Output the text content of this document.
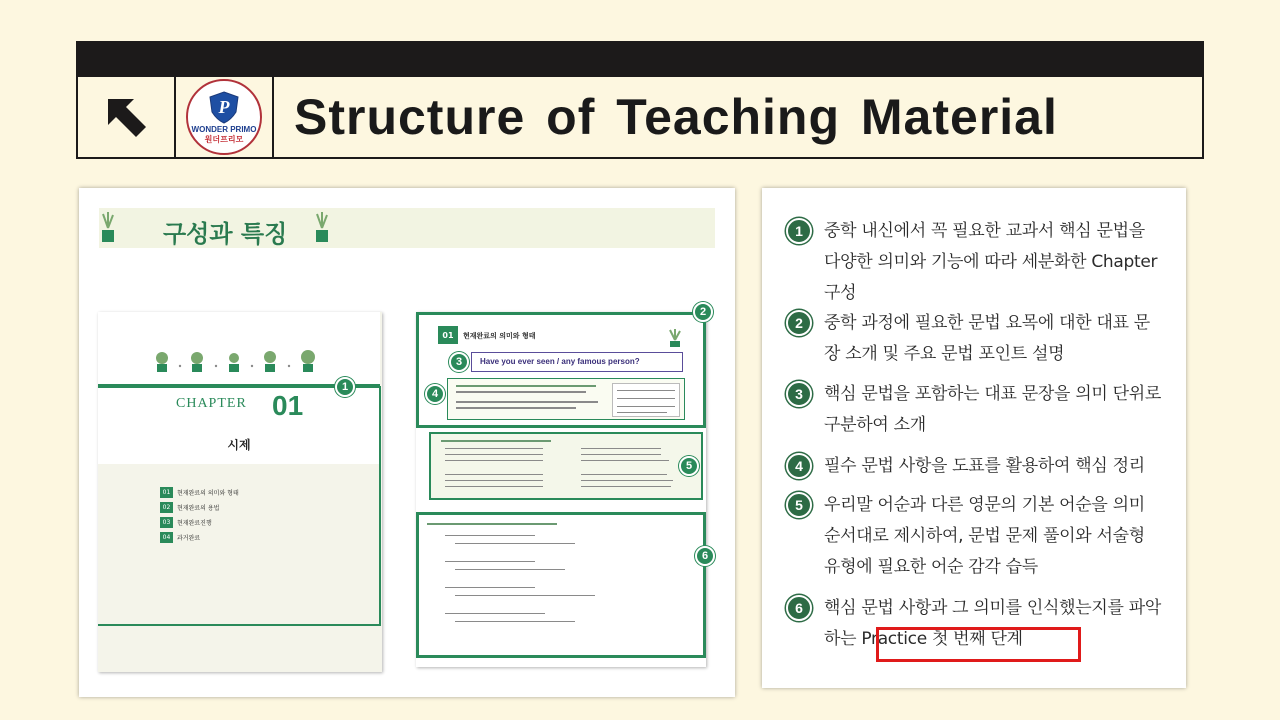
P
WONDER PRIMO
원더프리모 Structure of Teaching Material
구성과 특징
CHAPTER 01
시제
01	현재완료의 의미와 형태
02	현재완료의 용법
03	현재완료진행
04	과거완료
1
01	현재완료의 의미와 형태
2
Have you ever seen / any famous person?
3
4
5
6
1	중학 내신에서 꼭 필요한 교과서 핵심 문법을 다양한 의미와 기능에 따라 세분화한 Chapter 구성
2	중학 과정에 필요한 문법 요목에 대한 대표 문장 소개 및 주요 문법 포인트 설명
3	핵심 문법을 포함하는 대표 문장을 의미 단위로 구분하여 소개
4	필수 문법 사항을 도표를 활용하여 핵심 정리
5	우리말 어순과 다른 영문의 기본 어순을 의미 순서대로 제시하여, 문법 문제 풀이와 서술형 유형에 필요한 어순 감각 습득
6	핵심 문법 사항과 그 의미를 인식했는지를 파악하는 Practice 첫 번째 단계
